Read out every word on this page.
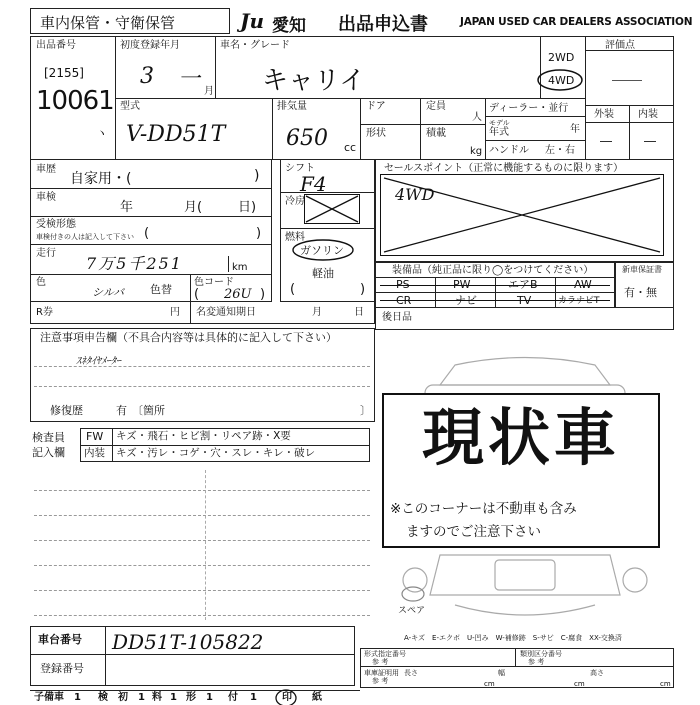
車内保管・守衛保管	Ju 愛知 出品申込書	JAPAN USED CAR DEALERS ASSOCIATION
出品番号
[2155]
10061
ヽ
初度登録年月
3 一 月
車名・グレード
キャリイ
2WD
4WD
評価点
外装 内装
―	―
型式
V-DD51T
排気量
650 cc
ドア
形状
定員
人
積載
kg
ディーラー・並行
モデル
年式	年
ハンドル 左・右
車歴
自家用・(	)
車検
年	月(	日)
受検形態
車検付きの人は記入して下さい (	)
走行
7万5千251	km
色
シルバ 色替
色コード
( 26U )
シフト
F4
冷房
燃料
ガソリン
軽油
(	)
セールスポイント（正常に機能するものに限ります）
4WD
装備品（純正品に限り◯をつけてください）
PS	PW	エアB	AW
CR	ナビ	TV	カラナビT
新車保証書
有・無
R券	円 名変通知期日	月	日 後日品
注意事項申告欄（不具合内容等は具体的に記入して下さい）
ｽﾈﾀｲﾔﾒｰﾀｰ
修復歴	有 〔箇所	〕
検査員
記入欄
FW キズ・飛石・ヒビ割・リペア跡・X要
内装 キズ・汚レ・コゲ・穴・スレ・キレ・破レ
スペア
現状車
※このコーナーは不動車も含み
ますのでご注意下さい
A-キズ　E-エクボ　U-凹み　W-補修跡　S-サビ　C-腐食　XX-交換済
車台番号 DD51T-105822
登録番号
形式指定番号
参 考
類別区分番号
参 考
車庫証明用
参 考
長さ
cm
幅
cm
高さ
cm
子備車 1 検 初 1 料 1 形 1 付 1	印 紙
